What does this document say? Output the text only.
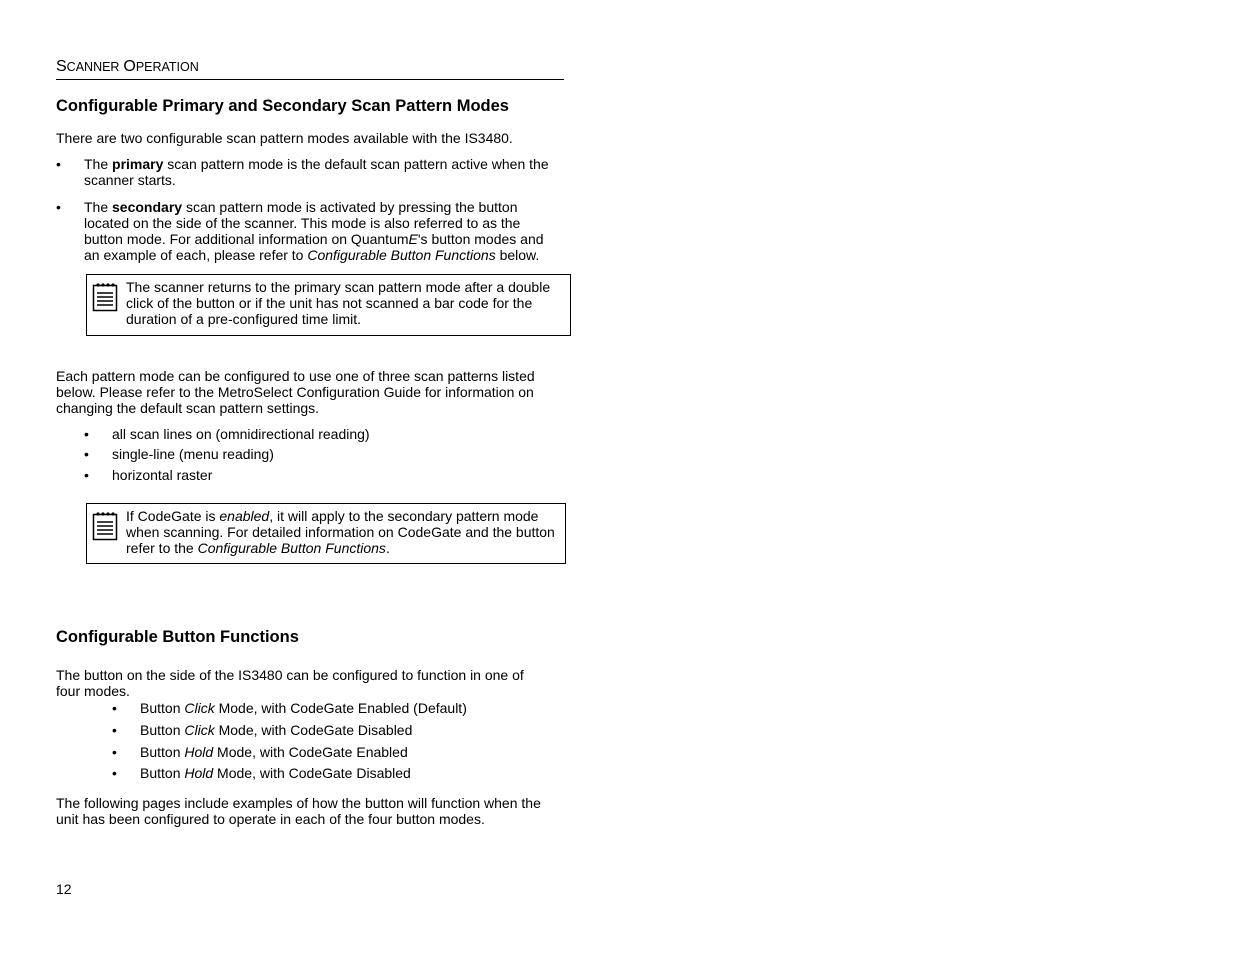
SCANNER OPERATION
Configurable Primary and Secondary Scan Pattern Modes

There are two configurable scan pattern modes available with the IS3480.

• The primary scan pattern mode is the default scan pattern active when the
scanner starts.
• The secondary scan pattern mode is activated by pressing the button
located on the side of the scanner. This mode is also referred to as the
button mode. For additional information on QuantumE's button modes and
an example of each, please refer to Configurable Button Functions below.
The scanner returns to the primary scan pattern mode after a double
click of the button or if the unit has not scanned a bar code for the
duration of a pre-configured time limit.
Each pattern mode can be configured to use one of three scan patterns listed
below. Please refer to the MetroSelect Configuration Guide for information on
changing the default scan pattern settings.
• all scan lines on (omnidirectional reading)
• single-line (menu reading)
• horizontal raster
If CodeGate is enabled, it will apply to the secondary pattern mode
when scanning. For detailed information on CodeGate and the button
refer to the Configurable Button Functions.
Configurable Button Functions
The button on the side of the IS3480 can be configured to function in one of
four modes.
• Button Click Mode, with CodeGate Enabled (Default)
• Button Click Mode, with CodeGate Disabled
• Button Hold Mode, with CodeGate Enabled
• Button Hold Mode, with CodeGate Disabled
The following pages include examples of how the button will function when the
unit has been configured to operate in each of the four button modes.
12
